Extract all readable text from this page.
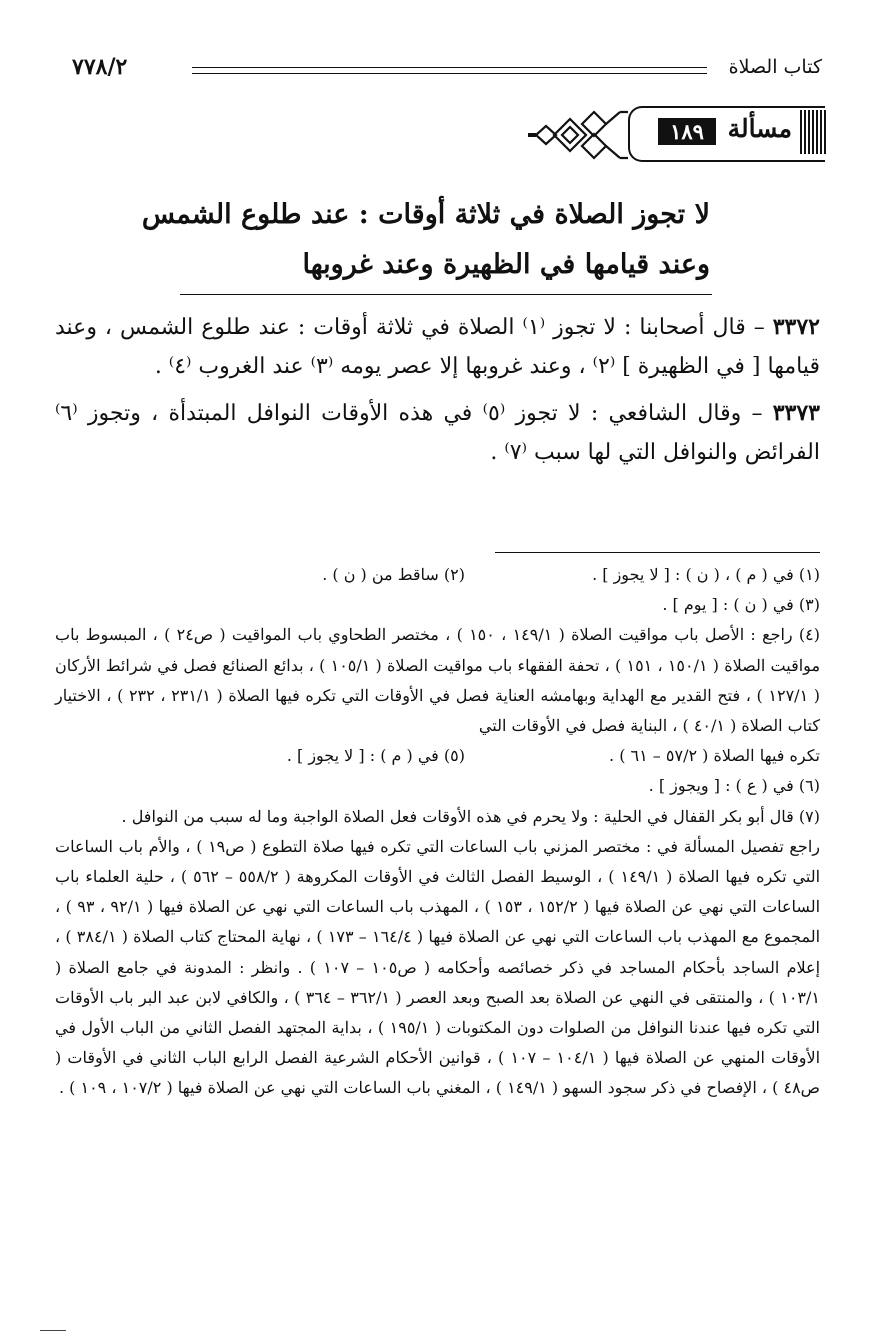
٧٧٨/٢	كتاب الصلاة
١٨٩ مسألة
لا تجوز الصلاة في ثلاثة أوقات : عند طلوع الشمس
وعند قيامها في الظهيرة وعند غروبها

٣٣٧٢ – قال أصحابنا : لا تجوز ⁽١⁾ الصلاة في ثلاثة أوقات : عند طلوع الشمس ، وعند قيامها [ في الظهيرة ] ⁽٢⁾ ، وعند غروبها إلا عصر يومه ⁽٣⁾ عند الغروب ⁽٤⁾ .

٣٣٧٣ – وقال الشافعي : لا تجوز ⁽٥⁾ في هذه الأوقات النوافل المبتدأة ، وتجوز ⁽٦⁾ الفرائض والنوافل التي لها سبب ⁽٧⁾ .

(١) في ( م ) ، ( ن ) : [ لا يجوز ] .

(٢) ساقط من ( ن ) .

(٣) في ( ن ) : [ يوم ] .

(٤) راجع : الأصل باب مواقيت الصلاة ( ١٤٩/١ ، ١٥٠ ) ، مختصر الطحاوي باب المواقيت ( ص٢٤ ) ، المبسوط باب مواقيت الصلاة ( ١٥٠/١ ، ١٥١ ) ، تحفة الفقهاء باب مواقيت الصلاة ( ١٠٥/١ ) ، بدائع الصنائع فصل في شرائط الأركان ( ١٢٧/١ ) ، فتح القدير مع الهداية وبهامشه العناية فصل في الأوقات التي تكره فيها الصلاة ( ٢٣١/١ ، ٢٣٢ ) ، الاختيار كتاب الصلاة ( ٤٠/١ ) ، البناية فصل في الأوقات التي

تكره فيها الصلاة ( ٥٧/٢ – ٦١ ) .

(٥) في ( م ) : [ لا يجوز ] .

(٦) في ( ع ) : [ ويجوز ] .

(٧) قال أبو بكر القفال في الحلية : ولا يحرم في هذه الأوقات فعل الصلاة الواجبة وما له سبب من النوافل .

راجع تفصيل المسألة في : مختصر المزني باب الساعات التي تكره فيها صلاة التطوع ( ص١٩ ) ، والأم باب الساعات التي تكره فيها الصلاة ( ١٤٩/١ ) ، الوسيط الفصل الثالث في الأوقات المكروهة ( ٥٥٨/٢ – ٥٦٢ ) ، حلية العلماء باب الساعات التي نهي عن الصلاة فيها ( ١٥٢/٢ ، ١٥٣ ) ، المهذب باب الساعات التي نهي عن الصلاة فيها ( ٩٢/١ ، ٩٣ ) ، المجموع مع المهذب باب الساعات التي نهي عن الصلاة فيها ( ١٦٤/٤ – ١٧٣ ) ، نهاية المحتاج كتاب الصلاة ( ٣٨٤/١ ) ، إعلام الساجد بأحكام المساجد في ذكر خصائصه وأحكامه ( ص١٠٥ – ١٠٧ ) . وانظر : المدونة في جامع الصلاة ( ١٠٣/١ ) ، والمنتقى في النهي عن الصلاة بعد الصبح وبعد العصر ( ٣٦٢/١ – ٣٦٤ ) ، والكافي لابن عبد البر باب الأوقات التي تكره فيها عندنا النوافل من الصلوات دون المكتوبات ( ١٩٥/١ ) ، بداية المجتهد الفصل الثاني من الباب الأول في الأوقات المنهي عن الصلاة فيها ( ١٠٤/١ – ١٠٧ ) ، قوانين الأحكام الشرعية الفصل الرابع الباب الثاني في الأوقات ( ص٤٨ ) ، الإفصاح في ذكر سجود السهو ( ١٤٩/١ ) ، المغني باب الساعات التي نهي عن الصلاة فيها ( ١٠٧/٢ ، ١٠٩ ) .
